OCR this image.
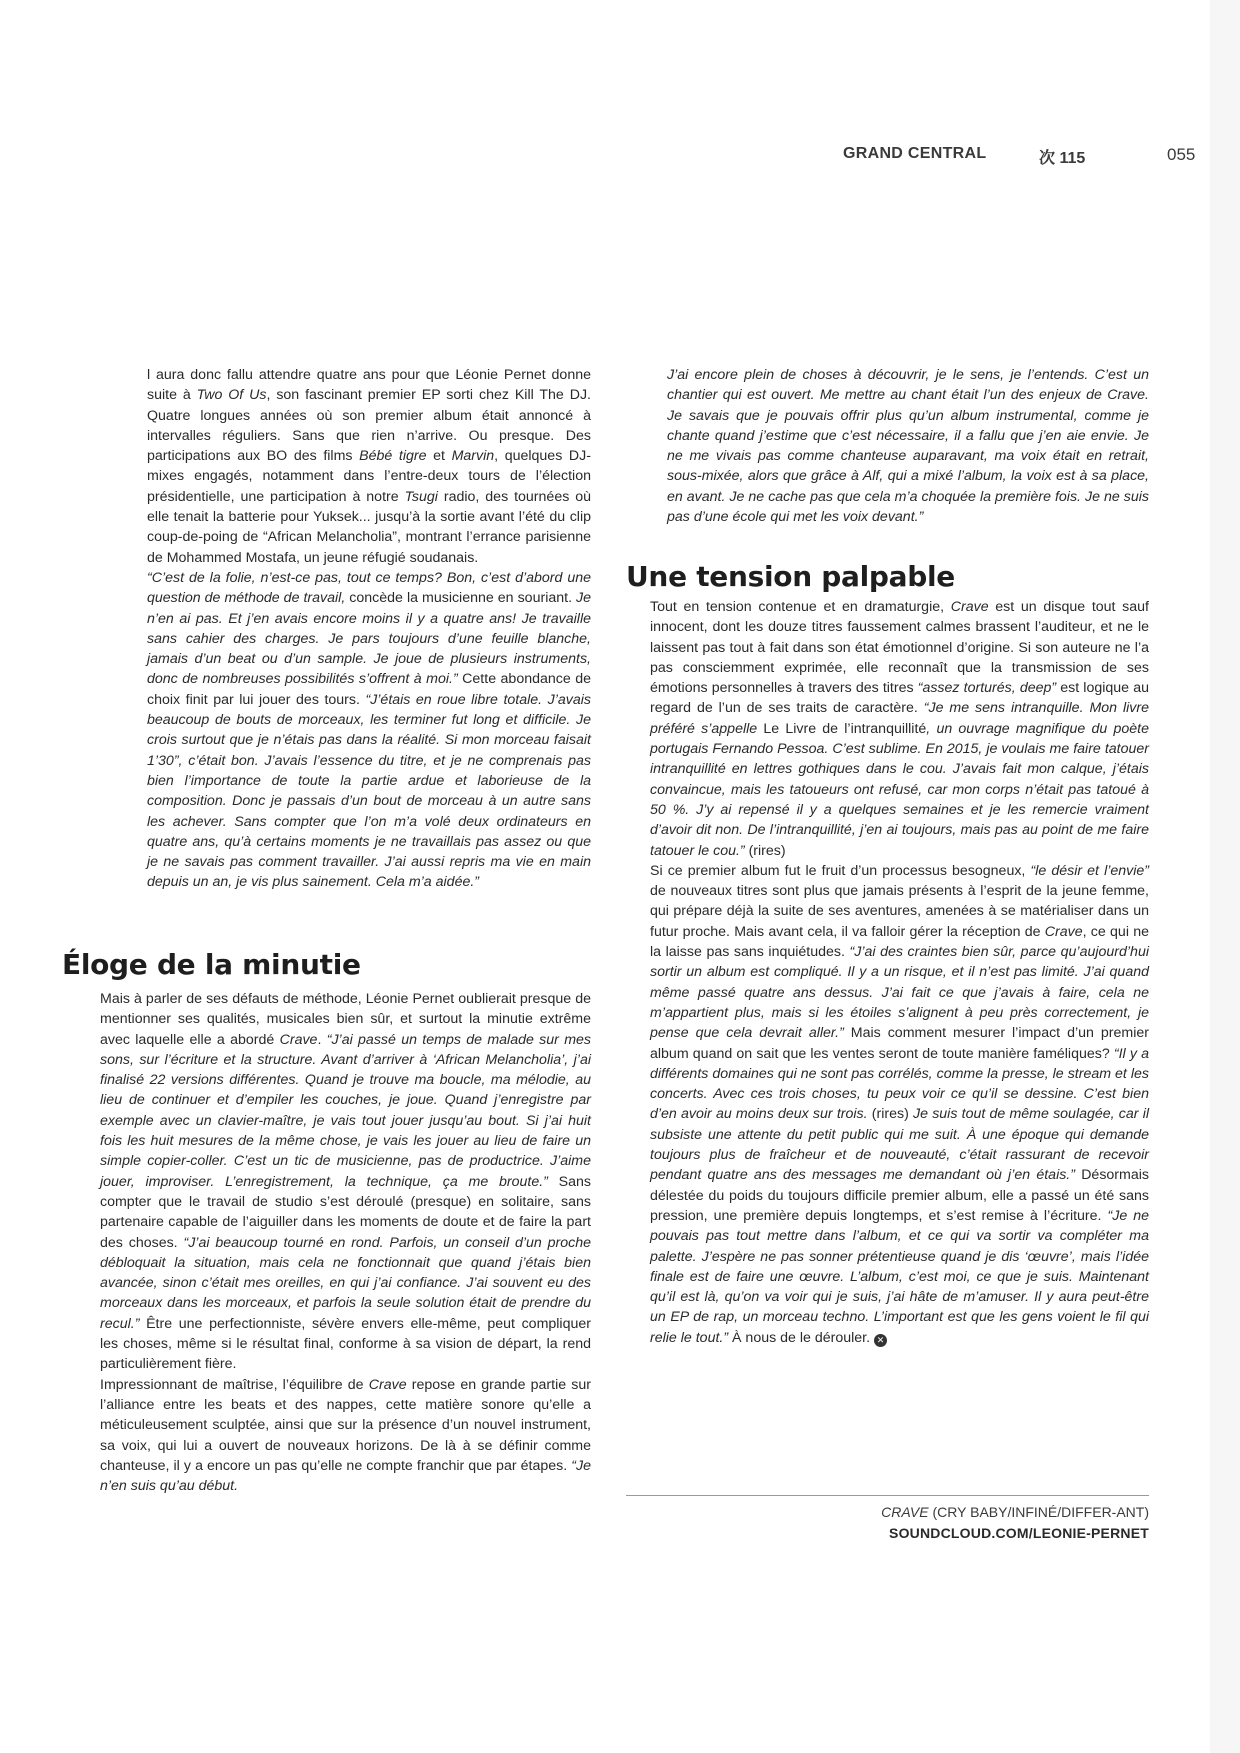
GRAND CENTRAL	次 115	055

l aura donc fallu attendre quatre ans pour que Léonie Pernet donne suite à Two Of Us, son fascinant premier EP sorti chez Kill The DJ. Quatre longues années où son premier album était annoncé à intervalles réguliers. Sans que rien n’arrive. Ou presque. Des participations aux BO des films Bébé tigre et Marvin, quelques DJ-mixes engagés, notamment dans l’entre-deux tours de l’élection présidentielle, une participation à notre Tsugi radio, des tournées où elle tenait la batterie pour Yuksek... jusqu’à la sortie avant l’été du clip coup-de-poing de “African Melancholia”, montrant l’errance parisienne de Mohammed Mostafa, un jeune réfugié soudanais.

“C’est de la folie, n’est-ce pas, tout ce temps? Bon, c’est d’abord une question de méthode de travail, concède la musicienne en souriant. Je n’en ai pas. Et j’en avais encore moins il y a quatre ans! Je travaille sans cahier des charges. Je pars toujours d’une feuille blanche, jamais d’un beat ou d’un sample. Je joue de plusieurs instruments, donc de nombreuses possibilités s’offrent à moi.” Cette abondance de choix finit par lui jouer des tours. “J’étais en roue libre totale. J’avais beaucoup de bouts de morceaux, les terminer fut long et difficile. Je crois surtout que je n’étais pas dans la réalité. Si mon morceau faisait 1’30”, c’était bon. J’avais l’essence du titre, et je ne comprenais pas bien l’importance de toute la partie ardue et laborieuse de la composition. Donc je passais d’un bout de morceau à un autre sans les achever. Sans compter que l’on m’a volé deux ordinateurs en quatre ans, qu’à certains moments je ne travaillais pas assez ou que je ne savais pas comment travailler. J’ai aussi repris ma vie en main depuis un an, je vis plus sainement. Cela m’a aidée.”

Éloge de la minutie

Mais à parler de ses défauts de méthode, Léonie Pernet oublierait presque de mentionner ses qualités, musicales bien sûr, et surtout la minutie extrême avec laquelle elle a abordé Crave. “J’ai passé un temps de malade sur mes sons, sur l’écriture et la structure. Avant d’arriver à ‘African Melancholia’, j’ai finalisé 22 versions différentes. Quand je trouve ma boucle, ma mélodie, au lieu de continuer et d’empiler les couches, je joue. Quand j’enregistre par exemple avec un clavier-maître, je vais tout jouer jusqu’au bout. Si j’ai huit fois les huit mesures de la même chose, je vais les jouer au lieu de faire un simple copier-coller. C’est un tic de musicienne, pas de productrice. J’aime jouer, improviser. L’enregistrement, la technique, ça me broute.” Sans compter que le travail de studio s’est déroulé (presque) en solitaire, sans partenaire capable de l’aiguiller dans les moments de doute et de faire la part des choses. “J’ai beaucoup tourné en rond. Parfois, un conseil d’un proche débloquait la situation, mais cela ne fonctionnait que quand j’étais bien avancée, sinon c’était mes oreilles, en qui j’ai confiance. J’ai souvent eu des morceaux dans les morceaux, et parfois la seule solution était de prendre du recul.” Être une perfectionniste, sévère envers elle-même, peut compliquer les choses, même si le résultat final, conforme à sa vision de départ, la rend particulièrement fière.

Impressionnant de maîtrise, l’équilibre de Crave repose en grande partie sur l’alliance entre les beats et des nappes, cette matière sonore qu’elle a méticuleusement sculptée, ainsi que sur la présence d’un nouvel instrument, sa voix, qui lui a ouvert de nouveaux horizons. De là à se définir comme chanteuse, il y a encore un pas qu’elle ne compte franchir que par étapes. “Je n’en suis qu’au début.

J’ai encore plein de choses à découvrir, je le sens, je l’entends. C’est un chantier qui est ouvert. Me mettre au chant était l’un des enjeux de Crave. Je savais que je pouvais offrir plus qu’un album instrumental, comme je chante quand j’estime que c’est nécessaire, il a fallu que j’en aie envie. Je ne me vivais pas comme chanteuse auparavant, ma voix était en retrait, sous-mixée, alors que grâce à Alf, qui a mixé l’album, la voix est à sa place, en avant. Je ne cache pas que cela m’a choquée la première fois. Je ne suis pas d’une école qui met les voix devant.”

Une tension palpable

Tout en tension contenue et en dramaturgie, Crave est un disque tout sauf innocent, dont les douze titres faussement calmes brassent l’auditeur, et ne le laissent pas tout à fait dans son état émotionnel d’origine. Si son auteure ne l’a pas consciemment exprimée, elle reconnaît que la transmission de ses émotions personnelles à travers des titres “assez torturés, deep” est logique au regard de l’un de ses traits de caractère. “Je me sens intranquille. Mon livre préféré s’appelle Le Livre de l’intranquillité, un ouvrage magnifique du poète portugais Fernando Pessoa. C’est sublime. En 2015, je voulais me faire tatouer intranquillité en lettres gothiques dans le cou. J’avais fait mon calque, j’étais convaincue, mais les tatoueurs ont refusé, car mon corps n’était pas tatoué à 50 %. J’y ai repensé il y a quelques semaines et je les remercie vraiment d’avoir dit non. De l’intranquillité, j’en ai toujours, mais pas au point de me faire tatouer le cou.” (rires)

Si ce premier album fut le fruit d’un processus besogneux, “le désir et l’envie” de nouveaux titres sont plus que jamais présents à l’esprit de la jeune femme, qui prépare déjà la suite de ses aventures, amenées à se matérialiser dans un futur proche. Mais avant cela, il va falloir gérer la réception de Crave, ce qui ne la laisse pas sans inquiétudes. “J’ai des craintes bien sûr, parce qu’aujourd’hui sortir un album est compliqué. Il y a un risque, et il n’est pas limité. J’ai quand même passé quatre ans dessus. J’ai fait ce que j’avais à faire, cela ne m’appartient plus, mais si les étoiles s’alignent à peu près correctement, je pense que cela devrait aller.” Mais comment mesurer l’impact d’un premier album quand on sait que les ventes seront de toute manière faméliques? “Il y a différents domaines qui ne sont pas corrélés, comme la presse, le stream et les concerts. Avec ces trois choses, tu peux voir ce qu’il se dessine. C’est bien d’en avoir au moins deux sur trois. (rires) Je suis tout de même soulagée, car il subsiste une attente du petit public qui me suit. À une époque qui demande toujours plus de fraîcheur et de nouveauté, c’était rassurant de recevoir pendant quatre ans des messages me demandant où j’en étais.” Désormais délestée du poids du toujours difficile premier album, elle a passé un été sans pression, une première depuis longtemps, et s’est remise à l’écriture. “Je ne pouvais pas tout mettre dans l’album, et ce qui va sortir va compléter ma palette. J’espère ne pas sonner prétentieuse quand je dis ‘œuvre’, mais l’idée finale est de faire une œuvre. L’album, c’est moi, ce que je suis. Maintenant qu’il est là, qu’on va voir qui je suis, j’ai hâte de m’amuser. Il y aura peut-être un EP de rap, un morceau techno. L’important est que les gens voient le fil qui relie le tout.” À nous de le dérouler. ✕

CRAVE (CRY BABY/INFINÉ/DIFFER-ANT)
SOUNDCLOUD.COM/LEONIE-PERNET
